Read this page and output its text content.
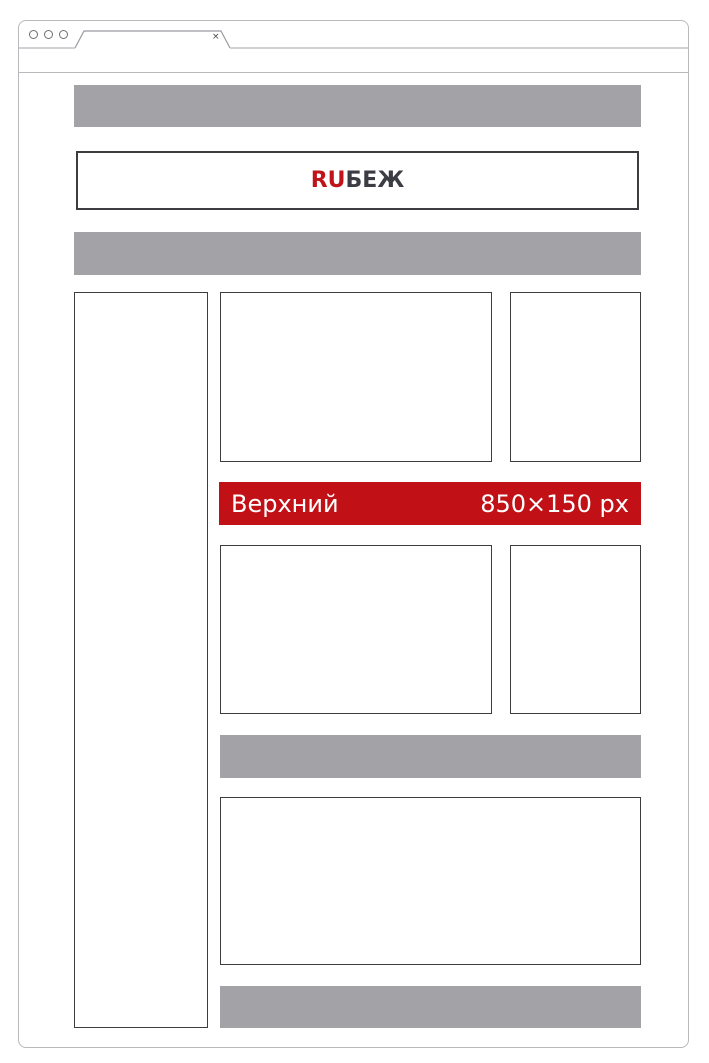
×
RUБЕЖ
Верхний	850×150 px
